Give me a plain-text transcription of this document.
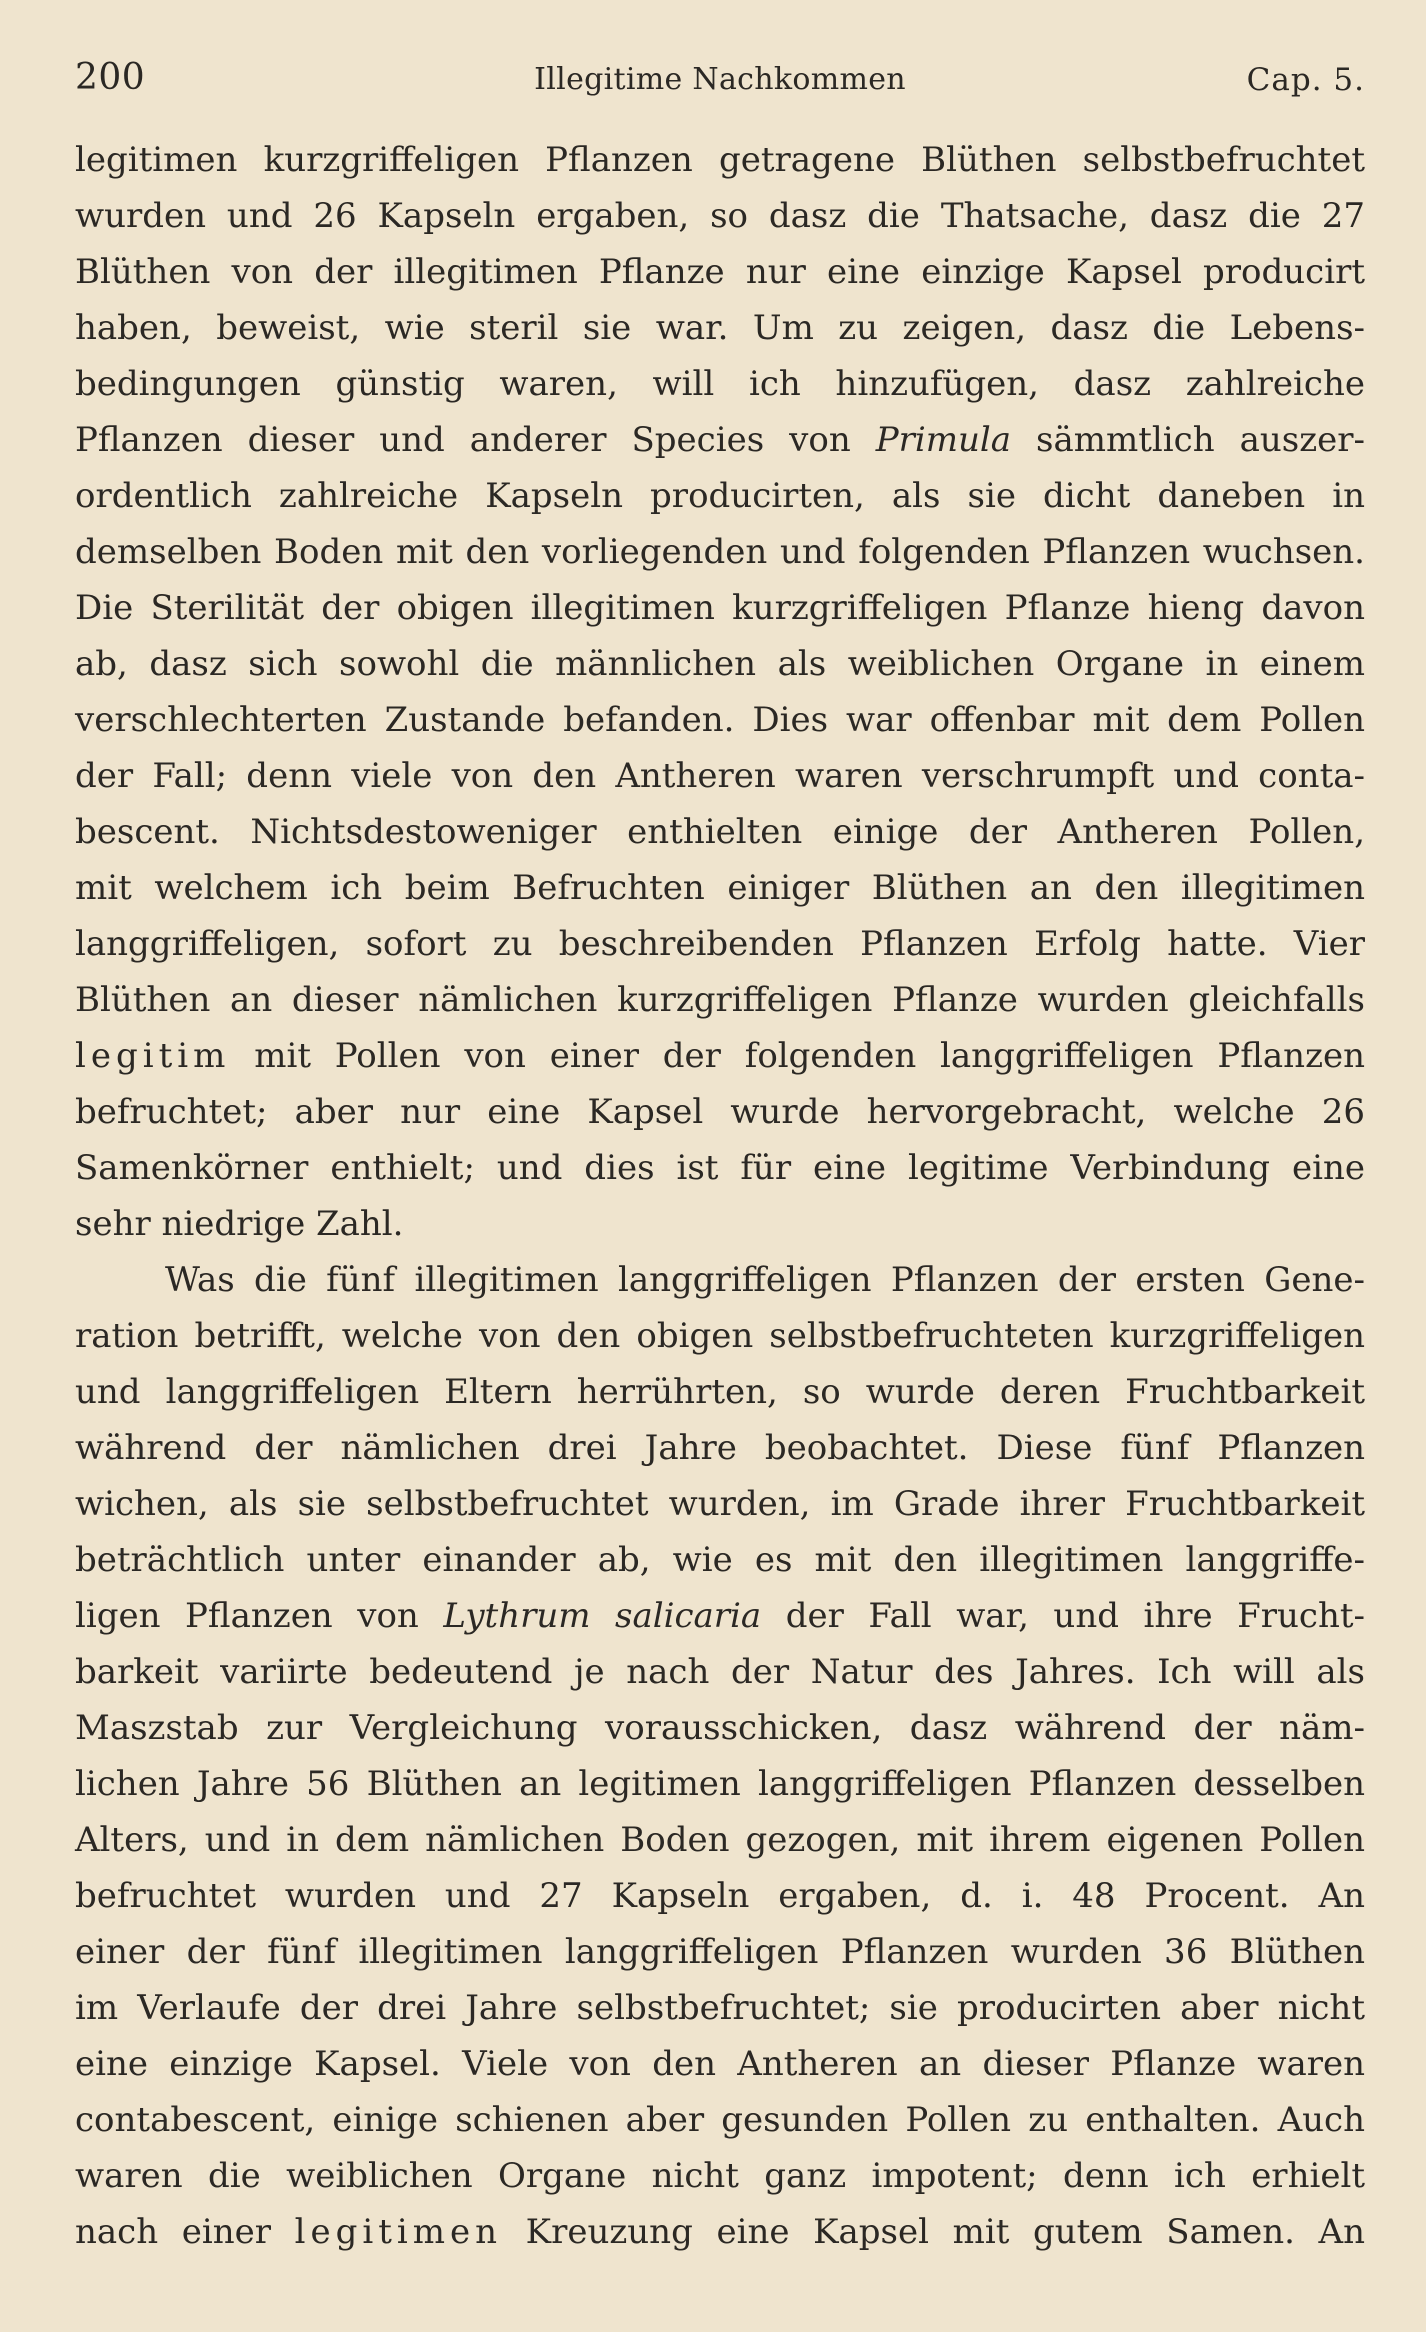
200	Illegitime Nachkommen	Cap. 5.
legitimen kurzgriffeligen Pflanzen getragene Blüthen selbstbefruchtet
wurden und 26 Kapseln ergaben, so dasz die Thatsache, dasz die 27
Blüthen von der illegitimen Pflanze nur eine einzige Kapsel producirt
haben, beweist, wie steril sie war. Um zu zeigen, dasz die Lebens-
bedingungen günstig waren, will ich hinzufügen, dasz zahlreiche
Pflanzen dieser und anderer Species von Primula sämmtlich auszer-
ordentlich zahlreiche Kapseln producirten, als sie dicht daneben in
demselben Boden mit den vorliegenden und folgenden Pflanzen wuchsen.
Die Sterilität der obigen illegitimen kurzgriffeligen Pflanze hieng davon
ab, dasz sich sowohl die männlichen als weiblichen Organe in einem
verschlechterten Zustande befanden. Dies war offenbar mit dem Pollen
der Fall; denn viele von den Antheren waren verschrumpft und conta-
bescent. Nichtsdestoweniger enthielten einige der Antheren Pollen,
mit welchem ich beim Befruchten einiger Blüthen an den illegitimen
langgriffeligen, sofort zu beschreibenden Pflanzen Erfolg hatte. Vier
Blüthen an dieser nämlichen kurzgriffeligen Pflanze wurden gleichfalls
legitim mit Pollen von einer der folgenden langgriffeligen Pflanzen
befruchtet; aber nur eine Kapsel wurde hervorgebracht, welche 26
Samenkörner enthielt; und dies ist für eine legitime Verbindung eine
sehr niedrige Zahl.
Was die fünf illegitimen langgriffeligen Pflanzen der ersten Gene-
ration betrifft, welche von den obigen selbstbefruchteten kurzgriffeligen
und langgriffeligen Eltern herrührten, so wurde deren Fruchtbarkeit
während der nämlichen drei Jahre beobachtet. Diese fünf Pflanzen
wichen, als sie selbstbefruchtet wurden, im Grade ihrer Fruchtbarkeit
beträchtlich unter einander ab, wie es mit den illegitimen langgriffe-
ligen Pflanzen von Lythrum salicaria der Fall war, und ihre Frucht-
barkeit variirte bedeutend je nach der Natur des Jahres. Ich will als
Maszstab zur Vergleichung vorausschicken, dasz während der näm-
lichen Jahre 56 Blüthen an legitimen langgriffeligen Pflanzen desselben
Alters, und in dem nämlichen Boden gezogen, mit ihrem eigenen Pollen
befruchtet wurden und 27 Kapseln ergaben, d. i. 48 Procent. An
einer der fünf illegitimen langgriffeligen Pflanzen wurden 36 Blüthen
im Verlaufe der drei Jahre selbstbefruchtet; sie producirten aber nicht
eine einzige Kapsel. Viele von den Antheren an dieser Pflanze waren
contabescent, einige schienen aber gesunden Pollen zu enthalten. Auch
waren die weiblichen Organe nicht ganz impotent; denn ich erhielt
nach einer legitimen Kreuzung eine Kapsel mit gutem Samen. An
